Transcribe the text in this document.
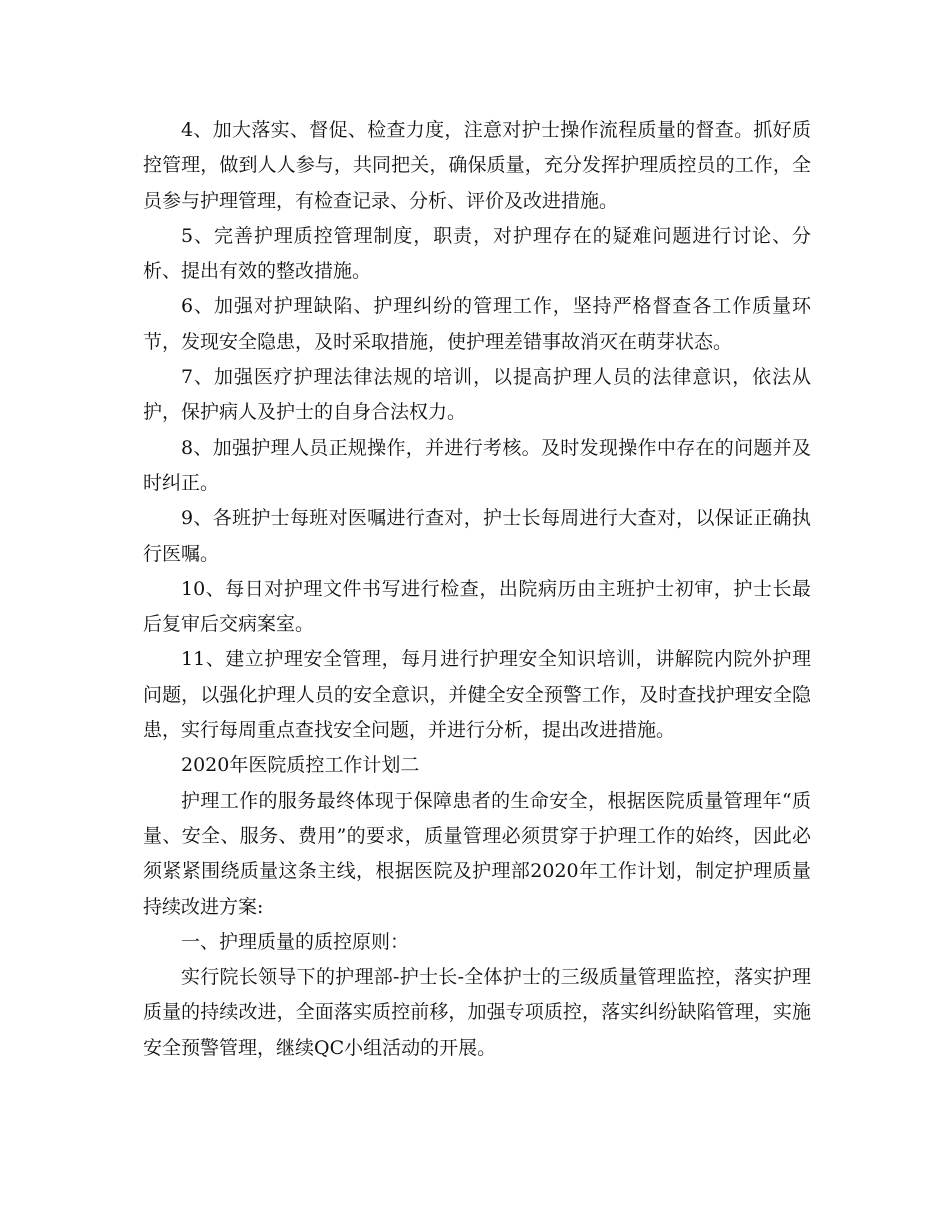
4、加大落实、督促、检查力度，注意对护士操作流程质量的督查。抓好质控管理，做到人人参与，共同把关，确保质量，充分发挥护理质控员的工作，全员参与护理管理，有检查记录、分析、评价及改进措施。

5、完善护理质控管理制度，职责，对护理存在的疑难问题进行讨论、分析、提出有效的整改措施。

6、加强对护理缺陷、护理纠纷的管理工作，坚持严格督查各工作质量环节，发现安全隐患，及时采取措施，使护理差错事故消灭在萌芽状态。

7、加强医疗护理法律法规的培训，以提高护理人员的法律意识，依法从护，保护病人及护士的自身合法权力。

8、加强护理人员正规操作，并进行考核。及时发现操作中存在的问题并及时纠正。

9、各班护士每班对医嘱进行查对，护士长每周进行大查对，以保证正确执行医嘱。

10、每日对护理文件书写进行检查，出院病历由主班护士初审，护士长最后复审后交病案室。

11、建立护理安全管理，每月进行护理安全知识培训，讲解院内院外护理问题，以强化护理人员的安全意识，并健全安全预警工作，及时查找护理安全隐患，实行每周重点查找安全问题，并进行分析，提出改进措施。

2020年医院质控工作计划二

护理工作的服务最终体现于保障患者的生命安全，根据医院质量管理年“质量、安全、服务、费用”的要求，质量管理必须贯穿于护理工作的始终，因此必须紧紧围绕质量这条主线，根据医院及护理部2020年工作计划，制定护理质量持续改进方案:

一、护理质量的质控原则：

实行院长领导下的护理部-护士长-全体护士的三级质量管理监控，落实护理质量的持续改进，全面落实质控前移，加强专项质控，落实纠纷缺陷管理，实施安全预警管理，继续QC小组活动的开展。
